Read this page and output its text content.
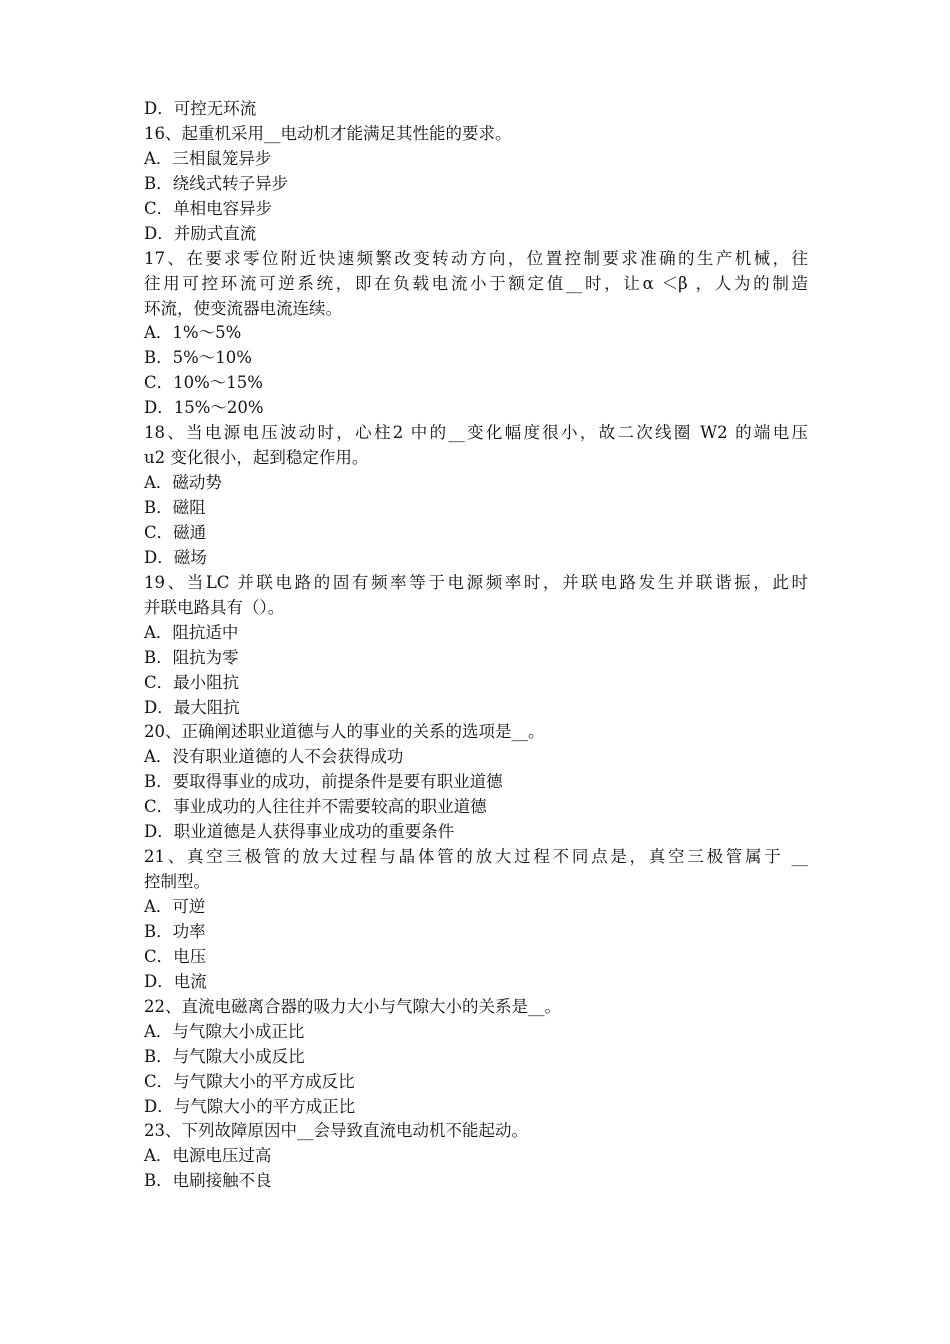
D．可控无环流
16、起重机采用__电动机才能满足其性能的要求。
A．三相鼠笼异步
B．绕线式转子异步
C．单相电容异步
D．并励式直流
17、在要求零位附近快速频繁改变转动方向，位置控制要求准确的生产机械，往
往用可控环流可逆系统，即在负载电流小于额定值__时，让α ＜β ，人为的制造
环流，使变流器电流连续。
A．1%～5%
B．5%～10%
C．10%～15%
D．15%～20%
18、当电源电压波动时，心柱2 中的__变化幅度很小，故二次线圈 W2 的端电压
u2 变化很小，起到稳定作用。
A．磁动势
B．磁阻
C．磁通
D．磁场
19、当LC 并联电路的固有频率等于电源频率时，并联电路发生并联谐振，此时
并联电路具有（）。
A．阻抗适中
B．阻抗为零
C．最小阻抗
D．最大阻抗
20、正确阐述职业道德与人的事业的关系的选项是__。
A．没有职业道德的人不会获得成功
B．要取得事业的成功，前提条件是要有职业道德
C．事业成功的人往往并不需要较高的职业道德
D．职业道德是人获得事业成功的重要条件
21、真空三极管的放大过程与晶体管的放大过程不同点是，真空三极管属于 __
控制型。
A．可逆
B．功率
C．电压
D．电流
22、直流电磁离合器的吸力大小与气隙大小的关系是__。
A．与气隙大小成正比
B．与气隙大小成反比
C．与气隙大小的平方成反比
D．与气隙大小的平方成正比
23、下列故障原因中__会导致直流电动机不能起动。
A．电源电压过高
B．电刷接触不良
